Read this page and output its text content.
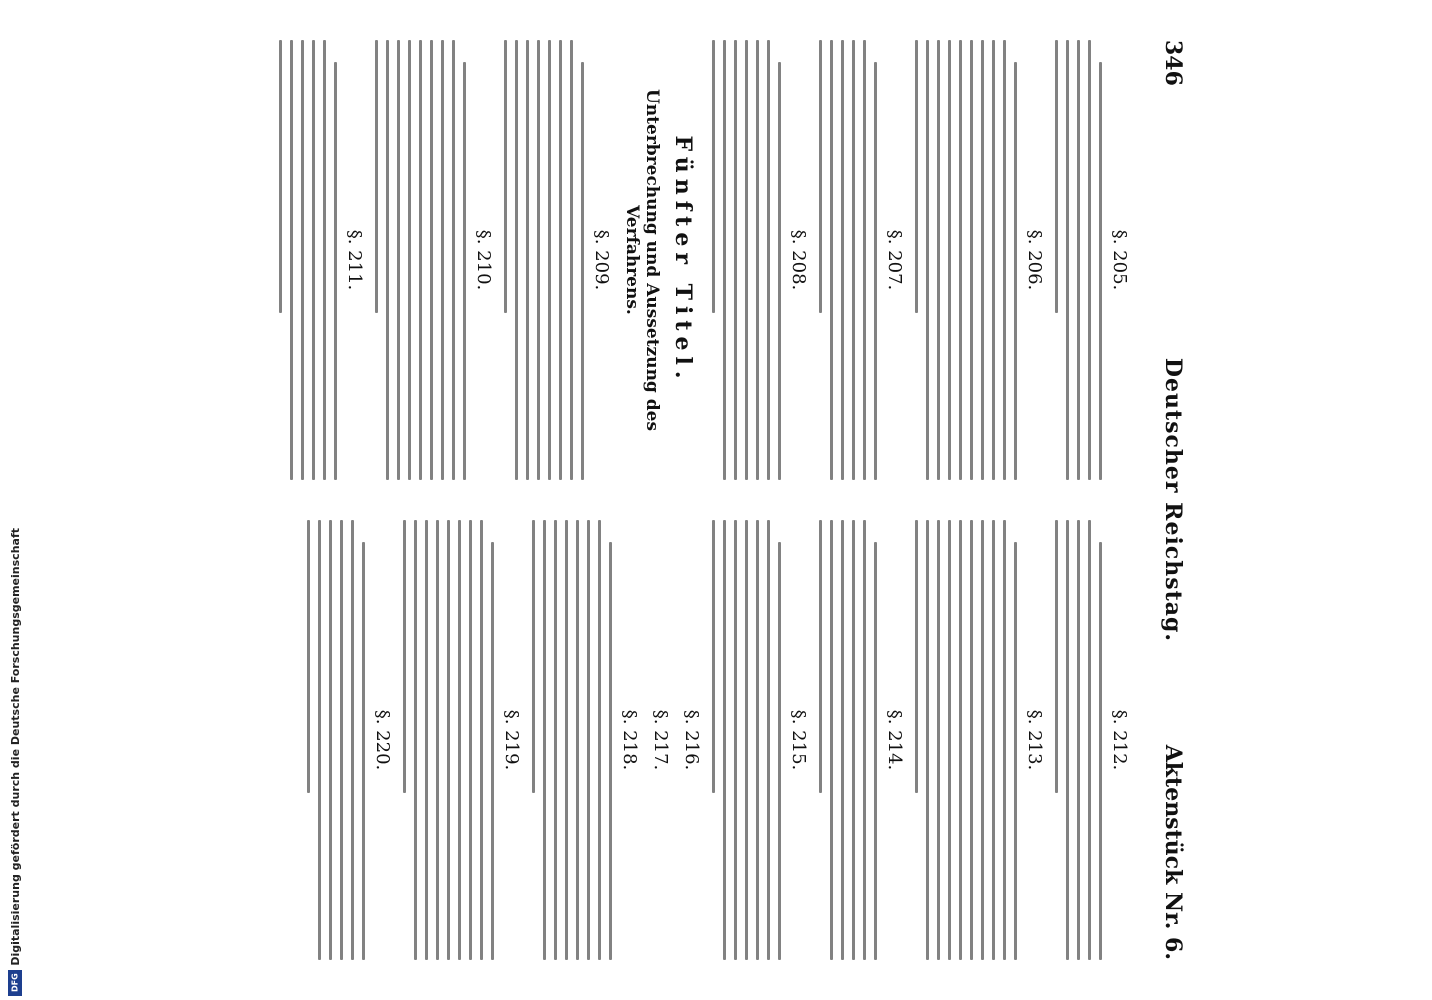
346
Deutscher Reichstag.
Aktenstück Nr. 6.
§. 205.
§. 206.
§. 207.
§. 208.
Fünfter Titel.
Unterbrechung und Aussetzung des Verfahrens.
§. 209.
§. 210.
§. 211.
§. 212.
§. 213.
§. 214.
§. 215.
§. 216.
§. 217.
§. 218.
§. 219.
§. 220.
Digitalisierung gefördert durch die Deutsche Forschungsgemeinschaft
DFG
